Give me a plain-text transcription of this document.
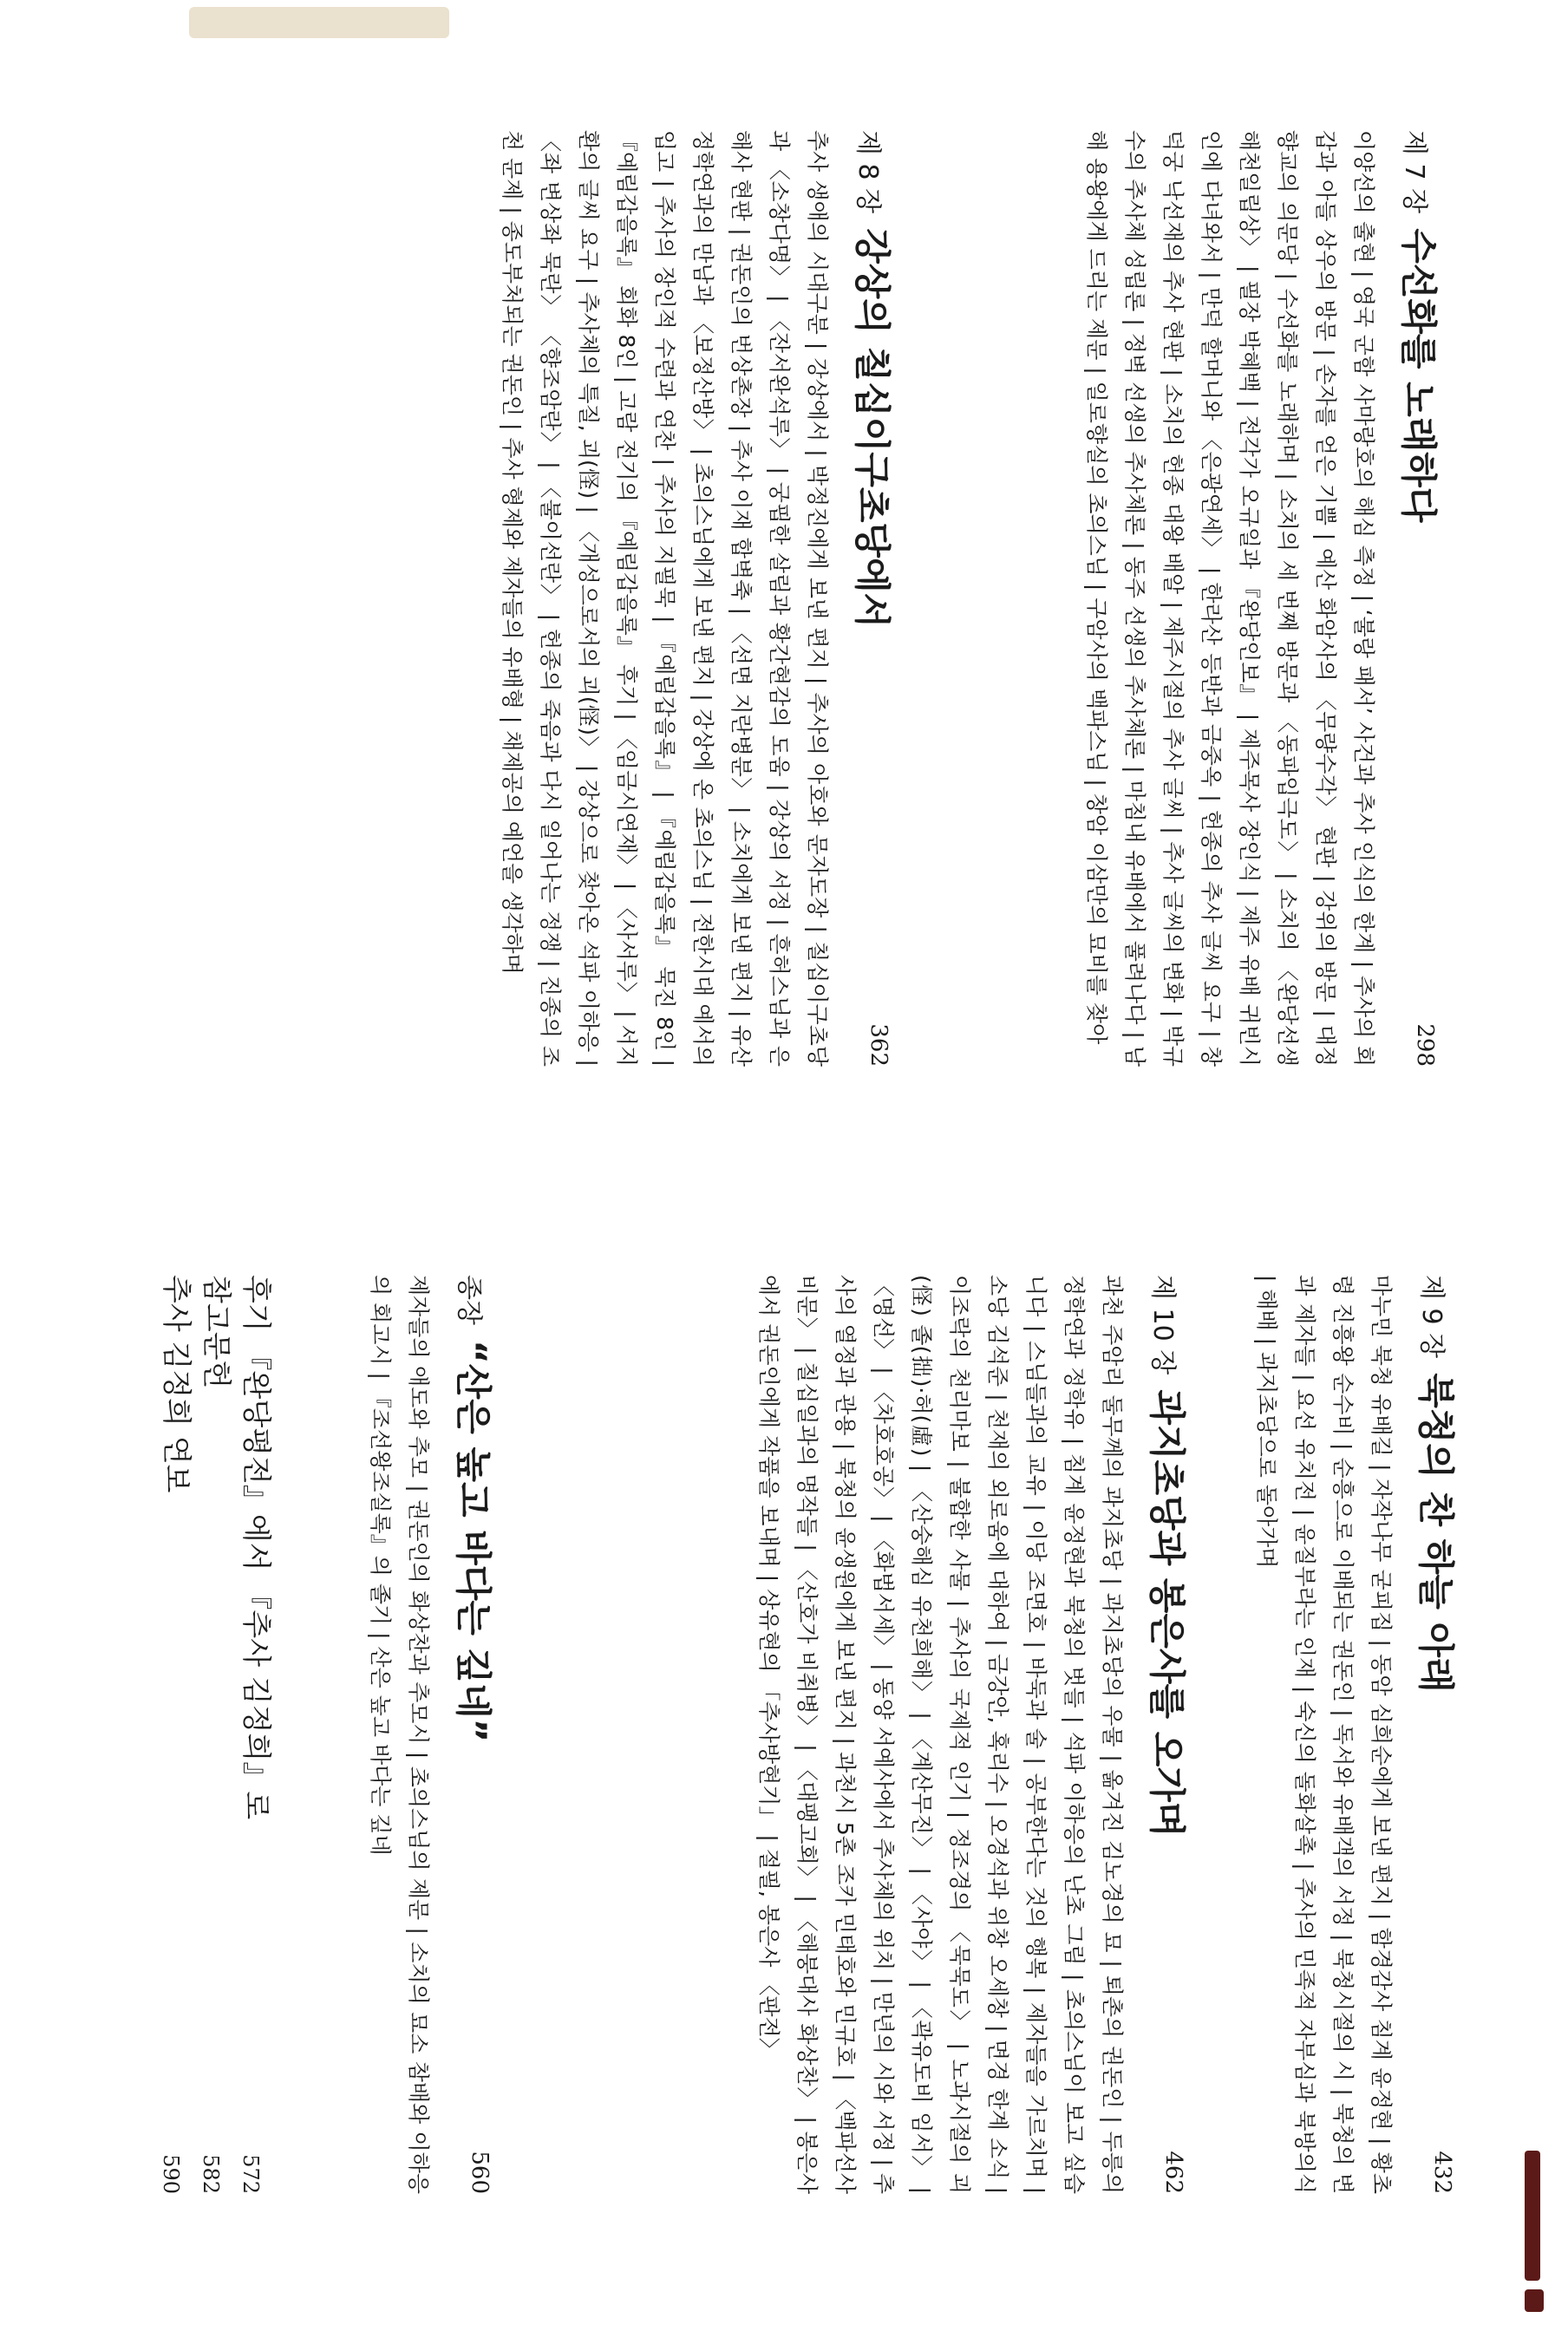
제 7 장 수선화를 노래하다
298
이양선의 출현 | 영국 군함 사마랑호의 해심 측정 | ‘불랑 패서’ 사건과 추사 인식의 한계 | 추사의 회갑과 아들 상우의 방문 | 손자를 얻은 기쁨 | 예산 화암사의 〈무량수각〉 현판 | 강위의 방문 | 대정향교의 의문당 | 수선화를 노래하며 | 소치의 세 번째 방문과 〈동파입극도〉 | 소치의 〈완당선생 해천일립상〉 | 필장 박혜백 | 전각가 오규일과 『완당인보』 | 제주목사 장인식 | 제주 유배 귀빈시인에 다녀와서 | 만덕 할머니와 〈은광연세〉 | 한라산 등반과 금중옥 | 헌종의 추사 글씨 요구 | 창덕궁 낙선재의 추사 현판 | 소치의 헌종 대왕 배알 | 제주시절의 추사 글씨 | 추사 글씨의 변화 | 박규수의 추사체 성립론 | 정벽 선생의 추사체론 | 동주 선생의 추사체론 | 마침내 유배에서 풀려나다 | 남해 용왕에게 드리는 제문 | 일로향실의 초의스님 | 구암사의 백파스님 | 창암 이삼만의 묘비를 찾아
제 8 장 강상의 칠십이구초당에서
362
추사 생애의 시대구분 | 강상에서 | 박정진에게 보낸 편지 | 추사의 아호와 문자도장 | 칠십이구초당과 〈소창다명〉 | 〈잔서완석루〉 | 궁핍한 살림과 황간현감의 도움 | 강상의 서정 | 흔허스님과 은해사 현판 | 권돈인의 번상촌장 | 추사 이재 합벽축 | 〈선면 지란병분〉 | 소치에게 보낸 편지 | 유산 정학연과의 만남과 〈보정산방〉 | 초의스님에게 보낸 편지 | 강상에 온 초의스님 | 전한시대 예서의 입고 | 추사의 장인적 수련과 연찬 | 추사의 지필묵 | 『예림갑을록』 | 『예림갑을록』 묵진 8인 | 『예림갑을록』 회화 8인 | 고람 전기의 『예림갑을록』 후기 | 〈임금시연재〉 | 〈사서루〉 | 서지환의 글씨 요구 | 추사체의 특질, 괴(怪) | 〈개성으로서의 괴(怪)〉 | 강상으로 찾아온 석파 이하응 | 〈좌 변상좌 묵란〉 〈향조암란〉 | 〈불이선란〉 | 헌종의 죽음과 다시 일어나는 정쟁 | 진종의 조천 문제 | 종도부처되는 권돈인 | 추사 형제와 제자들의 유배형 | 채제공의 예언을 생각하며
제 9 장 북청의 찬 하늘 아래
432
마누민 북청 유배길 | 자작나무 굳피집 | 동암 심희순에게 보낸 편지 | 함경감사 침계 윤정현 | 황초령 진흥왕 순수비 | 순흥으로 이배되는 권돈인 | 독서와 유배객의 서정 | 북청시절의 시 | 북청의 변과 제자들 | 요선 유치전 | 윤질부라는 인재 | 숙신의 돌화살촉 | 추사의 민족적 자부심과 북방의식 | 해배 | 과지초당으로 돌아가며
제 10 장 과지초당과 봉은사를 오가며
462
과천 주암리 둘무께의 과지초당 | 과지초당의 우물 | 옮겨진 김노경의 묘 | 퇴촌의 권돈인 | 두릉의 정학연과 정학유 | 침계 윤정현과 북청의 벗들 | 석파 이하응의 난초 그림 | 초의스님이 보고 싶습니다 | 스님들과의 교유 | 이당 조면호 | 바둑과 술 | 공부한다는 것의 행복 | 제자들을 가르치며 | 소당 김석준 | 천재의 외로움에 대하여 | 금강안, 혹리수 | 오경석과 위창 오세창 | 면경 한계 소식 | 이조락의 천리마보 | 불합한 사물 | 추사의 국제적 인기 | 정조경의 〈묵묵도〉 | 노과시절의 괴(怪) 졸(拙)·허(虛) | 〈산숭해심 유천희해〉 | 〈계산무진〉 | 〈사야〉 | 〈곽유도비 임서〉 | 〈명선〉 | 〈차호호공〉 | 〈화법서세〉 | 동양 서예사에서 추사체의 위치 | 만년의 시와 서정 | 추사의 열정과 관용 | 북청의 윤생원에게 보낸 편지 | 과천시 5촌 조카 민태호와 민규호 | 〈백파선사비문〉 | 칠십일과의 명작들 | 〈산호가 비취병〉 | 〈대팽고회〉 | 〈해붕대사 화상찬〉 | 봉은사에서 권돈인에게 작품을 보내며 | 상유현의 「추사방현기」 | 절필, 봉은사 〈판전〉
종장 “산은 높고 바다는 깊네”
560
제자들의 애도와 추모 | 권돈인의 화상찬과 추모시 | 초의스님의 제문 | 소치의 묘소 참배와 이하응의 회고시 | 『조선왕조실록』의 졸기 | 산은 높고 바다는 깊네
후기 『완당평전』에서 『추사 김정희』로
572
참고문헌
582
추사 김정희 연보
590
